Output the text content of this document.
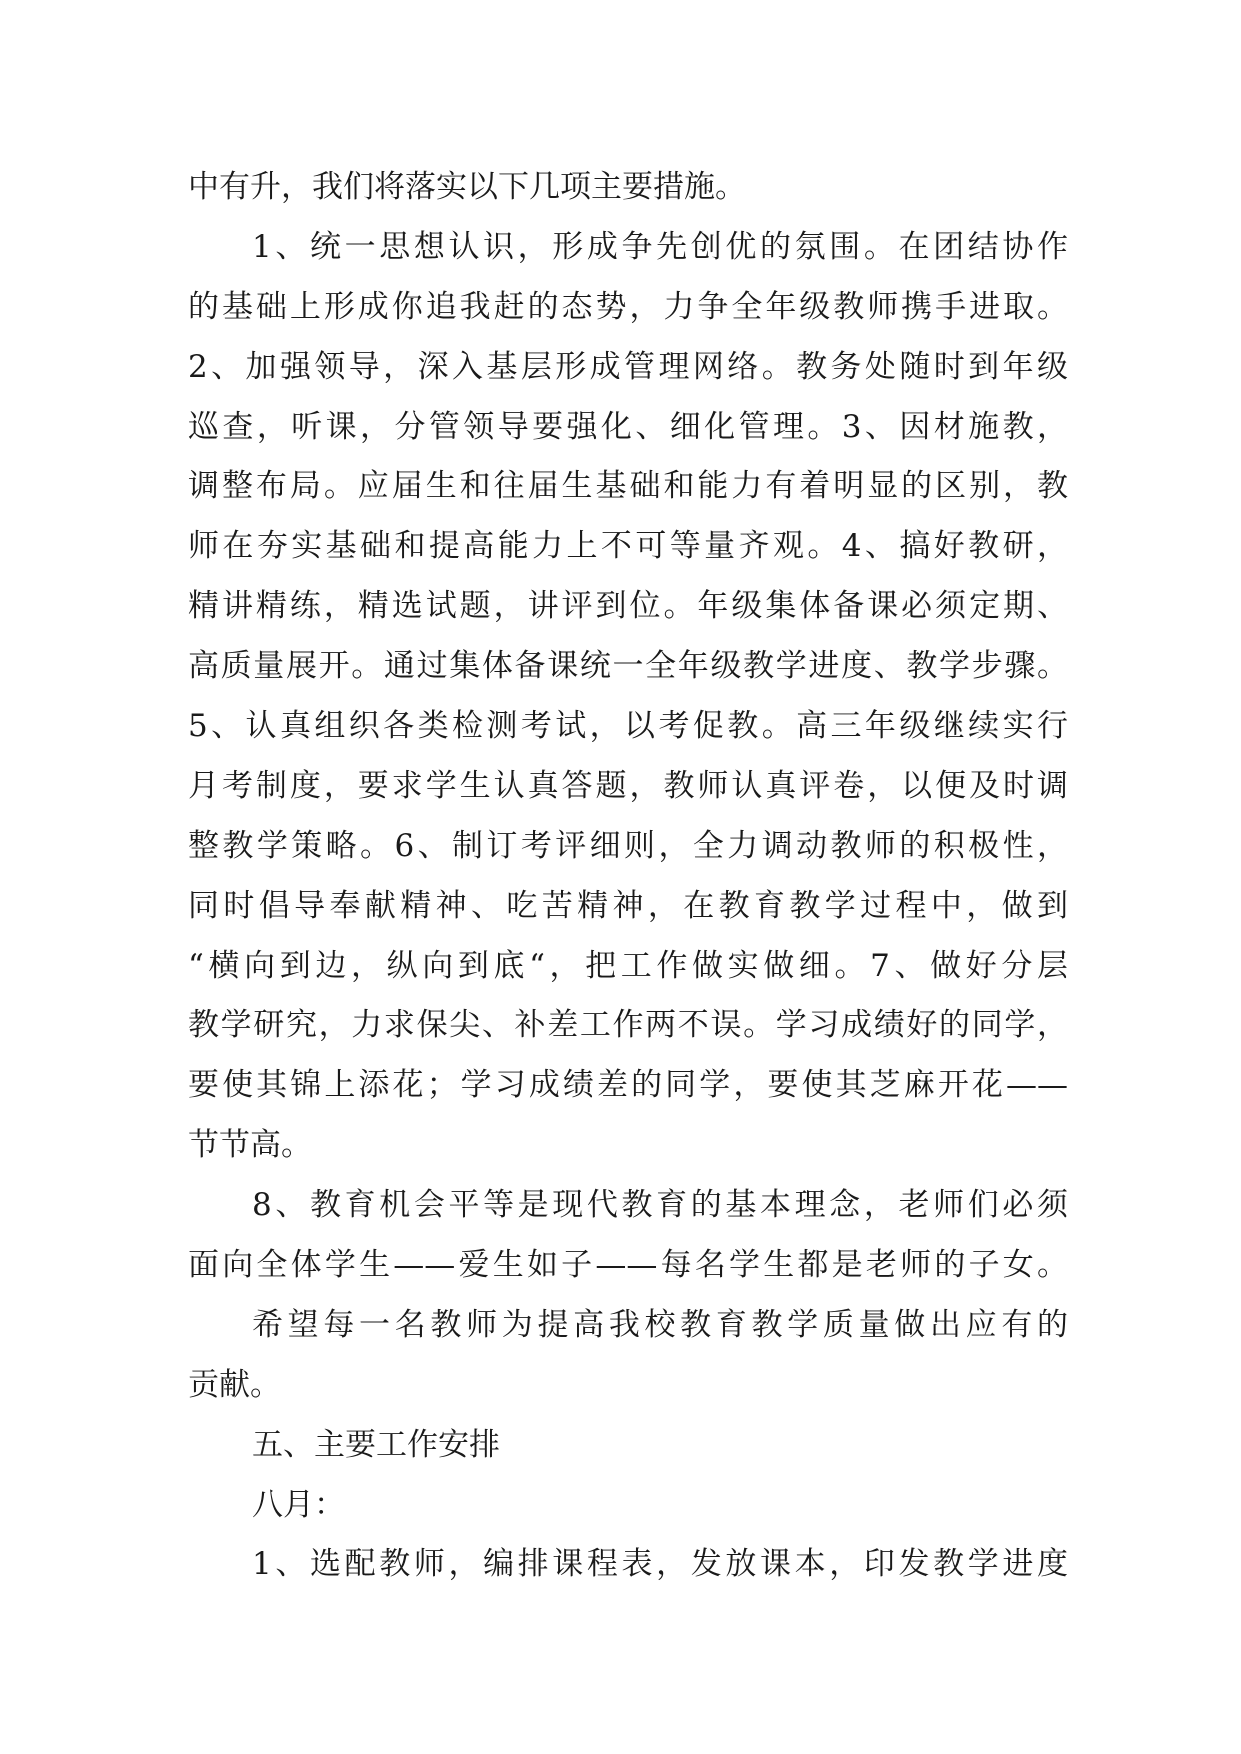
中有升，我们将落实以下几项主要措施。
1、统一思想认识，形成争先创优的氛围。在团结协作
的基础上形成你追我赶的态势，力争全年级教师携手进取。
2、加强领导，深入基层形成管理网络。教务处随时到年级
巡查，听课，分管领导要强化、细化管理。3、因材施教，
调整布局。应届生和往届生基础和能力有着明显的区别，教
师在夯实基础和提高能力上不可等量齐观。4、搞好教研，
精讲精练，精选试题，讲评到位。年级集体备课必须定期、
高质量展开。通过集体备课统一全年级教学进度、教学步骤。
5、认真组织各类检测考试，以考促教。高三年级继续实行
月考制度，要求学生认真答题，教师认真评卷，以便及时调
整教学策略。6、制订考评细则，全力调动教师的积极性，
同时倡导奉献精神、吃苦精神，在教育教学过程中，做到
“横向到边，纵向到底“，把工作做实做细。7、做好分层
教学研究，力求保尖、补差工作两不误。学习成绩好的同学，
要使其锦上添花；学习成绩差的同学，要使其芝麻开花——
节节高。
8、教育机会平等是现代教育的基本理念，老师们必须
面向全体学生——爱生如子——每名学生都是老师的子女。
希望每一名教师为提高我校教育教学质量做出应有的
贡献。
五、主要工作安排
八月：
1、选配教师，编排课程表，发放课本，印发教学进度
